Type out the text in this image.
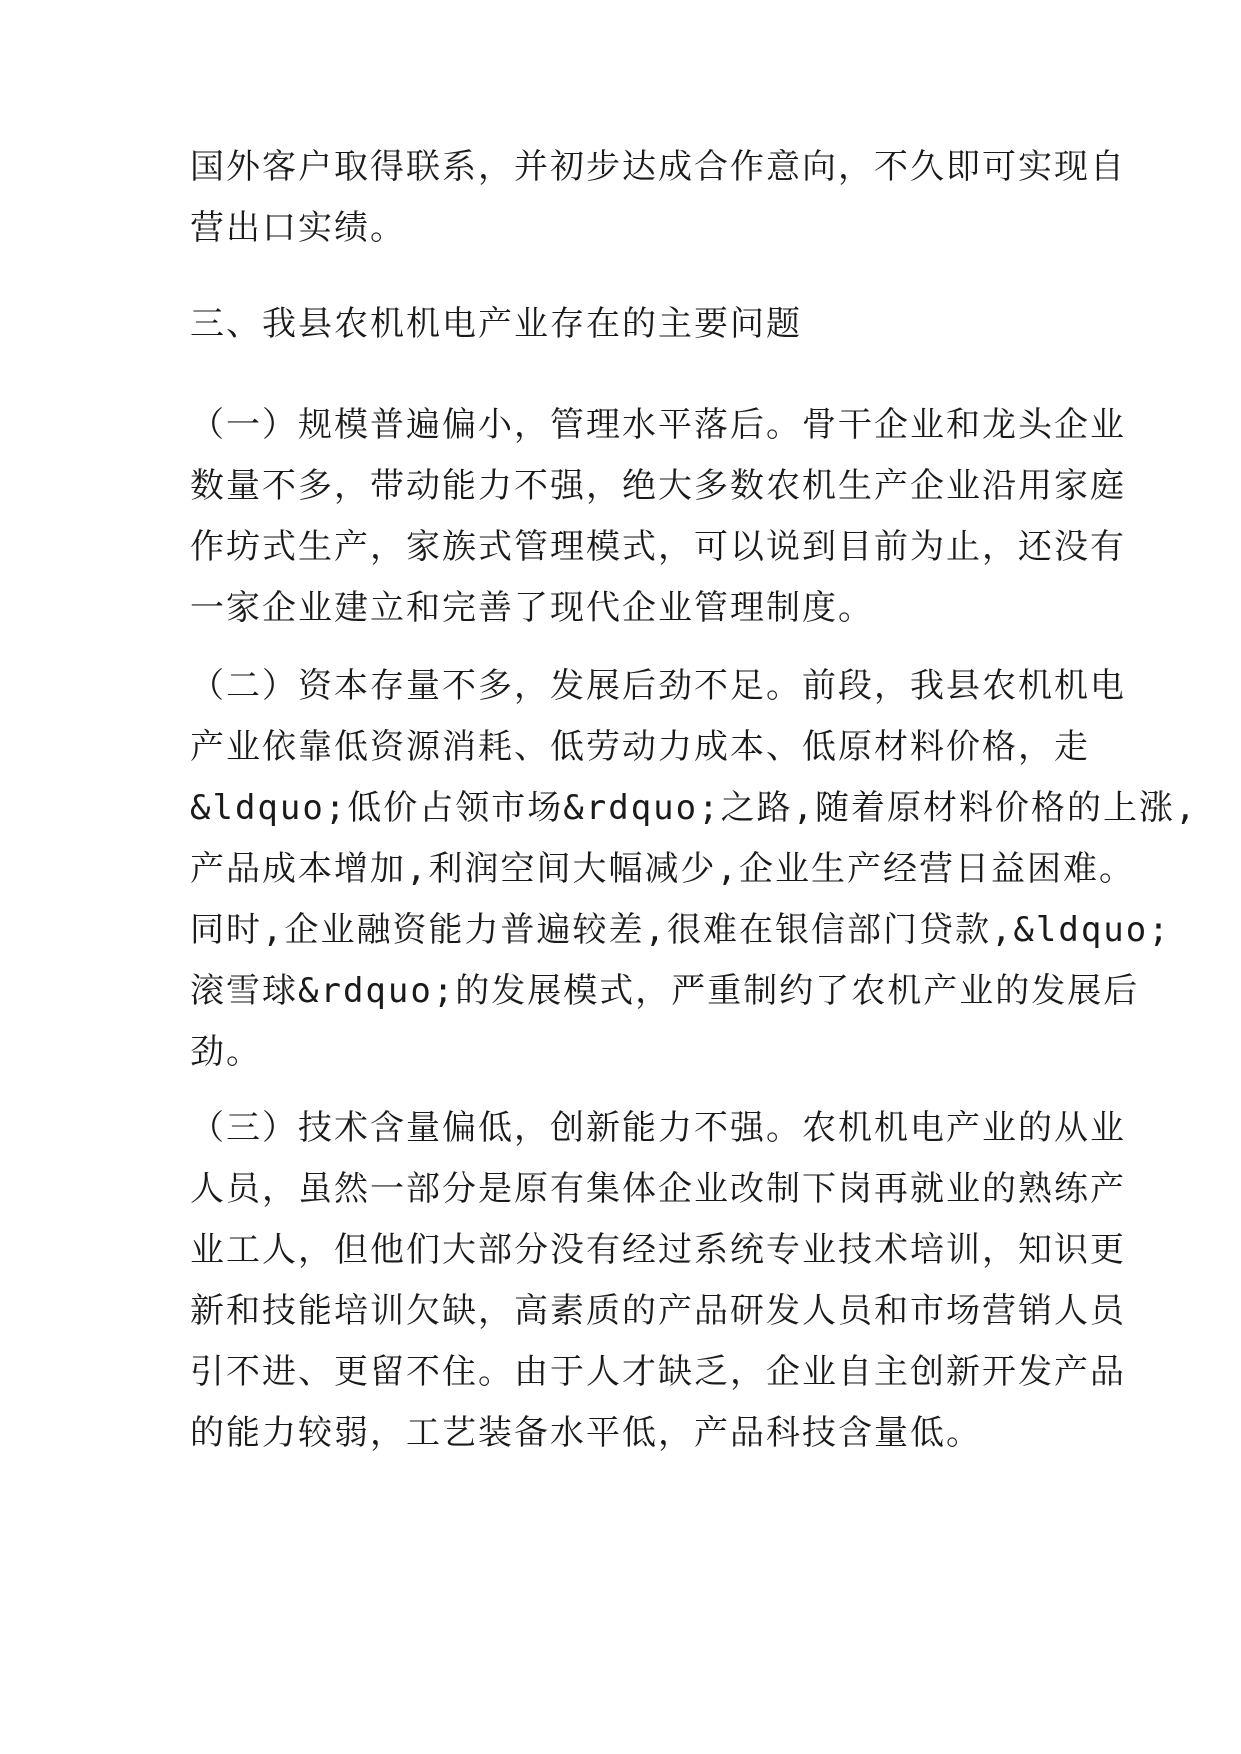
国外客户取得联系，并初步达成合作意向，不久即可实现自
营出口实绩。

三、我县农机机电产业存在的主要问题

（一）规模普遍偏小，管理水平落后。骨干企业和龙头企业
数量不多，带动能力不强，绝大多数农机生产企业沿用家庭
作坊式生产，家族式管理模式，可以说到目前为止，还没有
一家企业建立和完善了现代企业管理制度。

（二）资本存量不多，发展后劲不足。前段，我县农机机电
产业依靠低资源消耗、低劳动力成本、低原材料价格，走
&ldquo;低价占领市场&rdquo;之路,随着原材料价格的上涨,
产品成本增加,利润空间大幅减少,企业生产经营日益困难。
同时,企业融资能力普遍较差,很难在银信部门贷款,&ldquo;
滚雪球&rdquo;的发展模式，严重制约了农机产业的发展后
劲。

（三）技术含量偏低，创新能力不强。农机机电产业的从业
人员，虽然一部分是原有集体企业改制下岗再就业的熟练产
业工人，但他们大部分没有经过系统专业技术培训，知识更
新和技能培训欠缺，高素质的产品研发人员和市场营销人员
引不进、更留不住。由于人才缺乏，企业自主创新开发产品
的能力较弱，工艺装备水平低，产品科技含量低。
